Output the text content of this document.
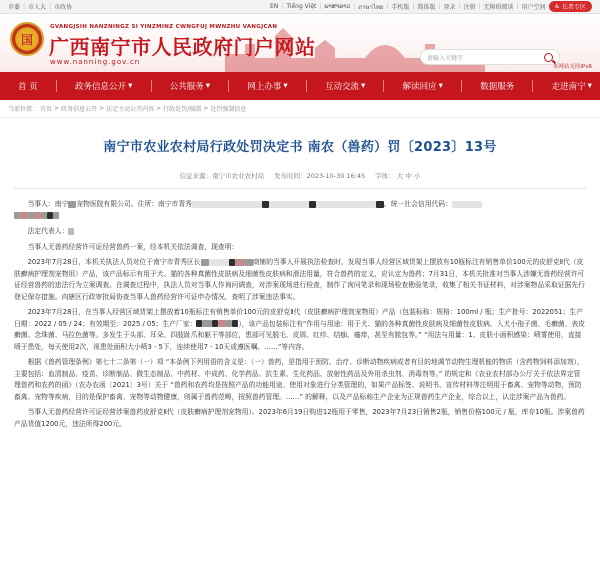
市委 | 市人大 | 市政协	EN | Tiếng Việt | ພາສາລາວ | ภาษาไทย | 手机版 | 简体版 | 登录 | 注册 | 无障碍阅读 | 用户空间 ♿ 长者专区
国
GVANGJSIH NANZNINGZ SI YINZMINZ CWNGFUJ MWNZHU VANGJCAN
广西南宁市人民政府门户网站
www.nanning.gov.cn	请输入关键字
本网站支持IPv6
首 页	政务信息公开 ▾	公共服务 ▾	网上办事 ▾	互动交流 ▾	解读回应 ▾	数据服务	走进南宁 ▾
当前位置： 首页 > 政务信息公开 > 法定主动公开内容 > 行政处罚/强制 > 处罚强制信息
南宁市农业农村局行政处罚决定书 南农（兽药）罚〔2023〕13号
信息来源：南宁市农业农村局 发布时间：2023-10-30 16:45 字体： 大 中 小

当事人：南宁 宠物医院有限公司。住所：南宁市青秀	。统一社会信用代码：

法定代表人：

当事人无兽药经营许可证经营兽药一案，经本机关依法调查，现查明：

2023年7月28日，本机关执法人员对位于南宁市青秀区长	商铺的当事人开展执法检查时，发现当事人经营区域货架上摆放有10瓶标注有销售单价100元的皮舒克Ⅱ代（皮肤癣病护理剂宠物用）产品，该产品标示有用于犬、猫的各种真菌性皮肤病及细菌性皮肤病和滑法用量，符合兽药的定义，应认定为兽药；7月31日，本机关批准对当事人涉嫌无兽药经营许可证经营兽药的违法行为立案调查。在调查过程中，执法人员对当事人作询问调查，对涉案现场进行检查，制作了询问笔录和现场检查勘验笔录，收集了相关书证材料，对涉案物品采取证据先行登记保存措施。向辖区行政审批局协查当事人兽药经营许可证申办情况，查明了涉案违法事实。

2023年7月28日，在当事人经营区域货架上摆放着10瓶标注有销售单价100元的皮舒克Ⅱ代（皮肤癣病护理剂宠物用）产品（包装标称：规格：100ml / 瓶；生产批号：2022051；生产日期：2022 / 05 / 24；有效期至：2025 / 05；生产厂家：	），该产品包装标注有“作用与用途：用于犬、猫的各种真菌性皮肤病及细菌性皮肤病。入犬小孢子菌、毛癣菌、表皮癣菌、念珠菌、马拉色菌等。多发生于头部、耳朵、四肢趾爪和躯干等部位，患部可见脱毛、皮屑、红疹、结痂、瘙痒，甚至有脓包等。” “用法与用量：1、皮肤小面积感染：喷雾使用，直接喷于患处，每天使用2次，视患处面积大小喷3 - 5下，连续使用7 - 10天或遵医嘱。……”等内容。

根据《兽药管理条例》第七十二条第（一）项 “本条例下列用语的含义是：（一）兽药，是指用于预防、治疗、诊断动物疾病或者有目的地调节动物生理机能的物质（含药物饲料添加剂），主要包括：血清制品、疫苗、诊断制品、微生态制品、中药材、中成药、化学药品、抗生素、生化药品、放射性药品及外用杀虫剂、消毒剂等。” 的规定和《农业农村部办公厅关于依法界定管理兽药和农药的函》（农办农函〔2021〕3号）关于 “兽药和农药均是按照产品的功能用途、使用对象进行分类管理的，如果产品标签、说明书、宣传材料等注明用于畜禽、宠物等动物，预防畜禽、宠物等疾病，目的是保护畜禽、宠物等动物健康，则属于兽药范畴，按照兽药管理。……” 的解释，以及产品标称生产企业为正规兽药生产企业，综合以上，认定涉案产品为兽药。

当事人无兽药经营许可证经营涉案兽药皮舒克Ⅱ代（皮肤癣病护理剂宠物用）。2023年6月19日购进12瓶用于零售，2023年7月23日销售2瓶，销售价格100元 / 瓶，库存10瓶。涉案兽药产品货值1200元，违法所得200元。
